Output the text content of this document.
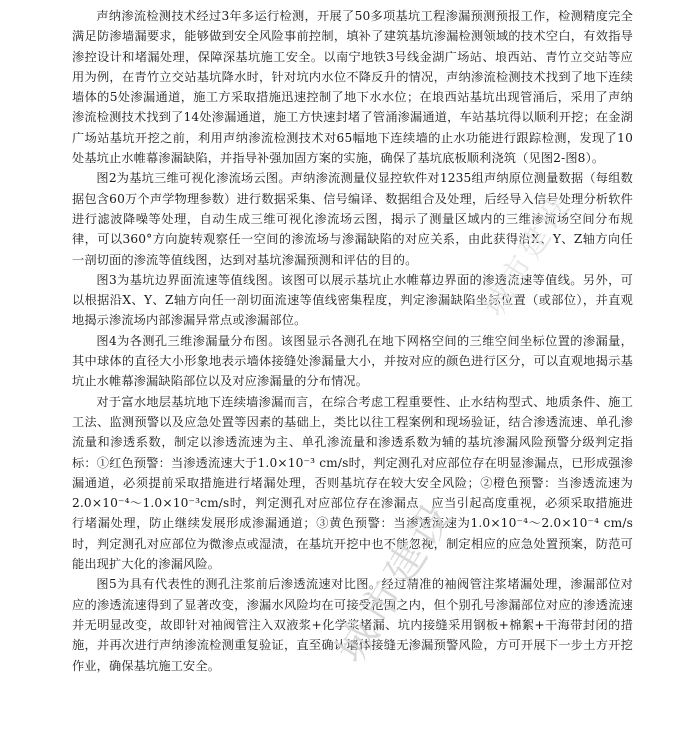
声纳渗流检测技术经过3年多运行检测，开展了50多项基坑工程渗漏预测预报工作，检测精度完全满足防渗墙漏要求，能够做到安全风险事前控制，填补了建筑基坑渗漏检测领域的技术空白，有效指导渗控设计和堵漏处理，保障深基坑施工安全。以南宁地铁3号线金湖广场站、埌西站、青竹立交站等应用为例，在青竹立交站基坑降水时，针对坑内水位不降反升的情况，声纳渗流检测技术找到了地下连续墙体的5处渗漏通道，施工方采取措施迅速控制了地下水水位；在埌西站基坑出现管涌后，采用了声纳渗流检测技术找到了14处渗漏通道，施工方快速封堵了管涌渗漏通道，车站基坑得以顺利开挖；在金湖广场站基坑开挖之前，利用声纳渗流检测技术对65幅地下连续墙的止水功能进行跟踪检测，发现了10处基坑止水帷幕渗漏缺陷，并指导补强加固方案的实施，确保了基坑底板顺利浇筑（见图2-图8）。

图2为基坑三维可视化渗流场云图。声纳渗流测量仪显控软件对1235组声纳原位测量数据（每组数据包含60万个声学物理参数）进行数据采集、信号编译、数据组合及处理，后经导入信号处理分析软件进行滤波降噪等处理，自动生成三维可视化渗流场云图，揭示了测量区域内的三维渗流场空间分布规律，可以360°方向旋转观察任一空间的渗流场与渗漏缺陷的对应关系，由此获得沿X、Y、Z轴方向任一剖切面的渗流等值线图，达到对基坑渗漏预测和评估的目的。

图3为基坑边界面流速等值线图。该图可以展示基坑止水帷幕边界面的渗透流速等值线。另外，可以根据沿X、Y、Z轴方向任一剖切面流速等值线密集程度，判定渗漏缺陷坐标位置（或部位），并直观地揭示渗流场内部渗漏异常点或渗漏部位。

图4为各测孔三维渗漏量分布图。该图显示各测孔在地下网格空间的三维空间坐标位置的渗漏量，其中球体的直径大小形象地表示墙体接缝处渗漏量大小，并按对应的颜色进行区分，可以直观地揭示基坑止水帷幕渗漏缺陷部位以及对应渗漏量的分布情况。

对于富水地层基坑地下连续墙渗漏而言，在综合考虑工程重要性、止水结构型式、地质条件、施工工法、监测预警以及应急处置等因素的基础上，类比以往工程案例和现场验证，结合渗透流速、单孔渗流量和渗透系数，制定以渗透流速为主、单孔渗流量和渗透系数为辅的基坑渗漏风险预警分级判定指标：①红色预警：当渗透流速大于1.0×10⁻³ cm/s时，判定测孔对应部位存在明显渗漏点，已形成强渗漏通道，必须提前采取措施进行堵漏处理，否则基坑存在较大安全风险；②橙色预警：当渗透流速为2.0×10⁻⁴～1.0×10⁻³cm/s时，判定测孔对应部位存在渗漏点，应当引起高度重视，必须采取措施进行堵漏处理，防止继续发展形成渗漏通道；③黄色预警：当渗透流速为1.0×10⁻⁴～2.0×10⁻⁴ cm/s时，判定测孔对应部位为微渗点或湿渍，在基坑开挖中也不能忽视，制定相应的应急处置预案，防范可能出现扩大化的渗漏风险。

图5为具有代表性的测孔注浆前后渗透流速对比图。经过精准的袖阀管注浆堵漏处理，渗漏部位对应的渗透流速得到了显著改变，渗漏水风险均在可接受范围之内，但个别孔号渗漏部位对应的渗透流速并无明显改变，故即针对袖阀管注入双液浆+化学浆堵漏、坑内接缝采用钢板+棉絮+干海带封闭的措施，并再次进行声纳渗流检测重复验证，直至确认墙体接缝无渗漏预警风险，方可开展下一步土方开挖作业，确保基坑施工安全。

城市建设
城市建设
